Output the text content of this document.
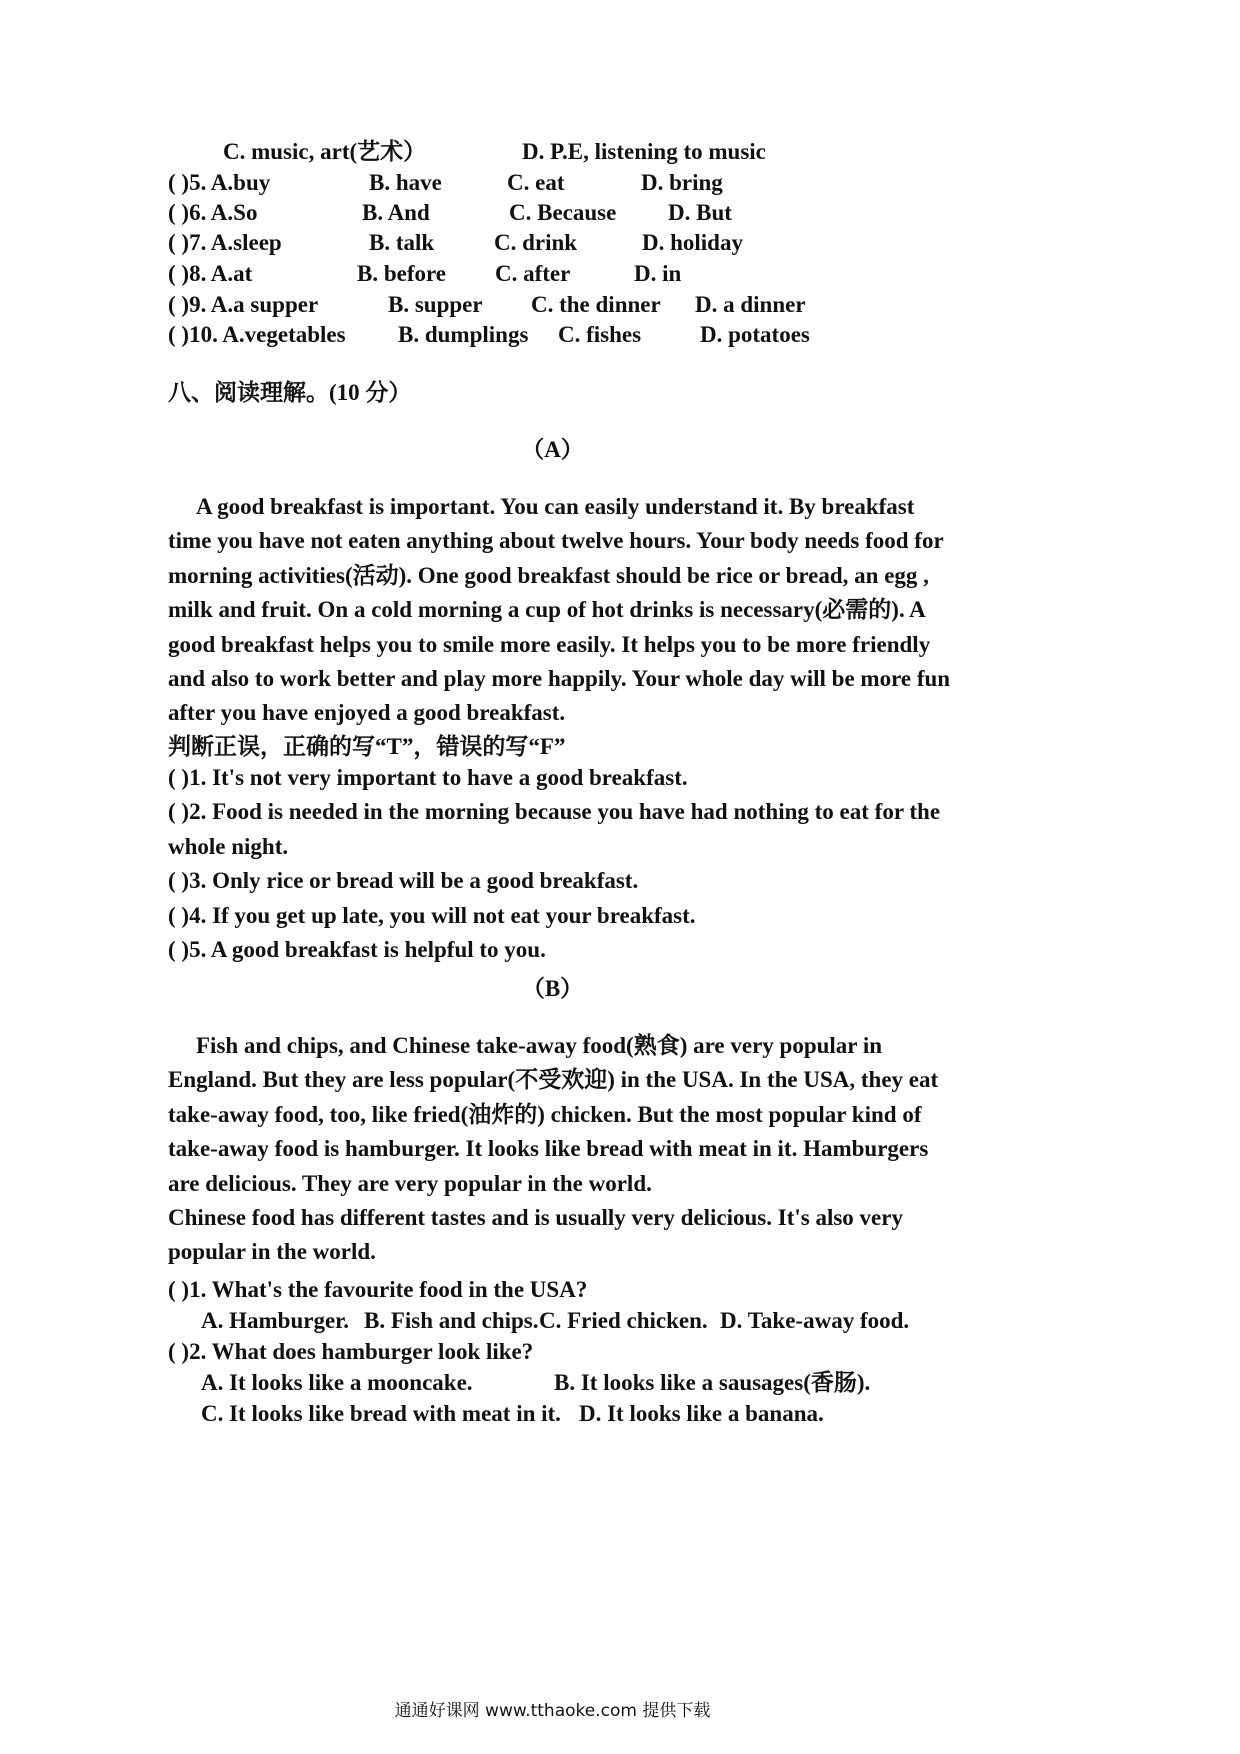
C. music, art(艺术）	D. P.E, listening to music
( )5. A.buy	B. have	C. eat	D. bring
( )6. A.So	B. And	C. Because D. But
( )7. A.sleep	B. talk	C. drink	D. holiday
( )8. A.at	B. before C. after	D. in
( )9. A.a supper	B. supper C. the dinner D. a dinner
( )10. A.vegetables B. dumplings C. fishes	D. potatoes
八、阅读理解。(10 分）
（A）
A good breakfast is important. You can easily understand it. By breakfast
time you have not eaten anything about twelve hours. Your body needs food for
morning activities(活动). One good breakfast should be rice or bread, an egg ,
milk and fruit. On a cold morning a cup of hot drinks is necessary(必需的). A
good breakfast helps you to smile more easily. It helps you to be more friendly
and also to work better and play more happily. Your whole day will be more fun
after you have enjoyed a good breakfast.
判断正误，正确的写“T”，错误的写“F”
( )1. It's not very important to have a good breakfast.
( )2. Food is needed in the morning because you have had nothing to eat for the
whole night.
( )3. Only rice or bread will be a good breakfast.
( )4. If you get up late, you will not eat your breakfast.
( )5. A good breakfast is helpful to you.
（B）
Fish and chips, and Chinese take-away food(熟食) are very popular in
England. But they are less popular(不受欢迎) in the USA. In the USA, they eat
take-away food, too, like fried(油炸的) chicken. But the most popular kind of
take-away food is hamburger. It looks like bread with meat in it. Hamburgers
are delicious. They are very popular in the world.
Chinese food has different tastes and is usually very delicious. It's also very
popular in the world.
( )1. What's the favourite food in the USA?
A. Hamburger. B. Fish and chips. C. Fried chicken. D. Take-away food.
( )2. What does hamburger look like?
A. It looks like a mooncake.	B. It looks like a sausages(香肠).
C. It looks like bread with meat in it. D. It looks like a banana.
通通好课网 www.tthaoke.com 提供下载
